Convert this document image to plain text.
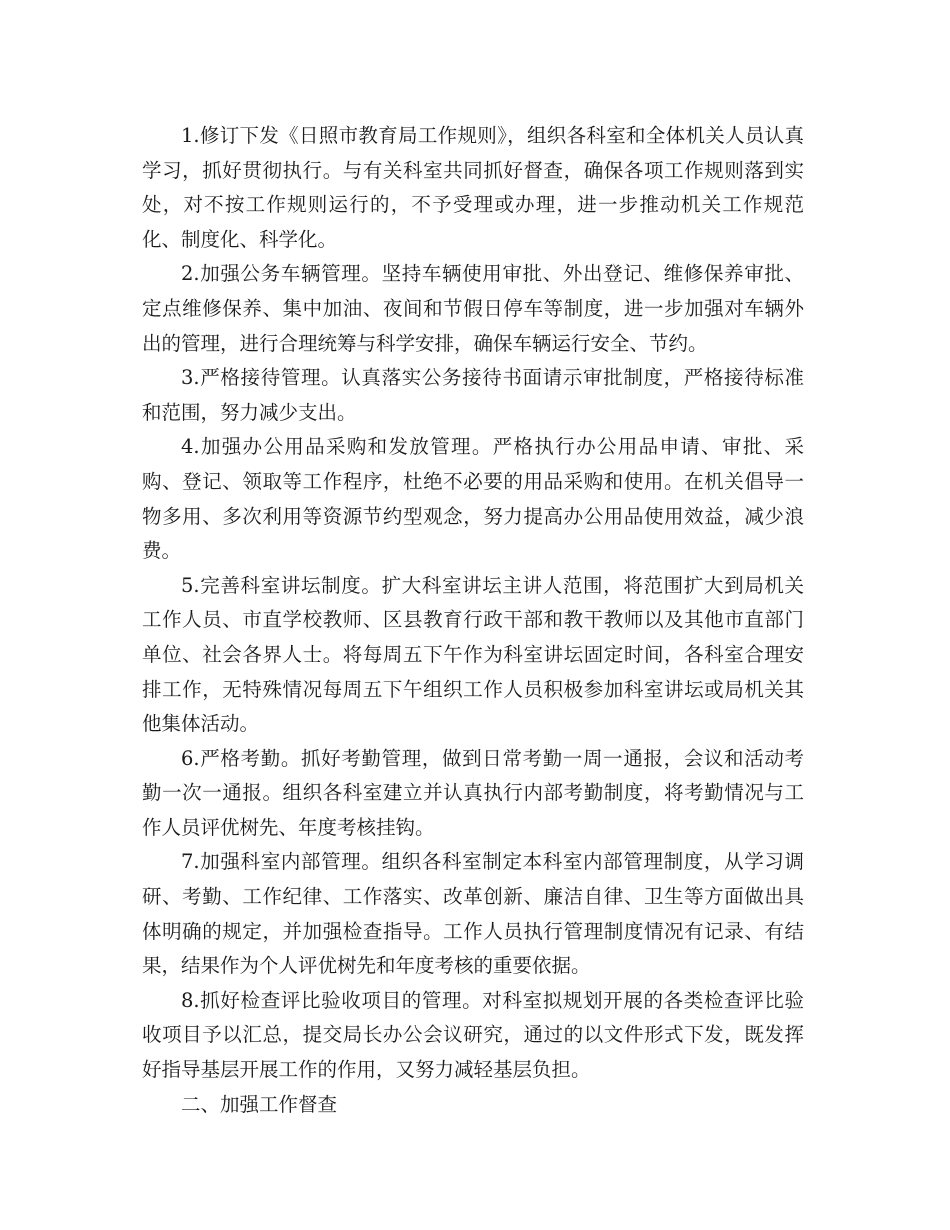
1.修订下发《日照市教育局工作规则》，组织各科室和全体机关人员认真学习，抓好贯彻执行。与有关科室共同抓好督查，确保各项工作规则落到实处，对不按工作规则运行的，不予受理或办理，进一步推动机关工作规范化、制度化、科学化。

2.加强公务车辆管理。坚持车辆使用审批、外出登记、维修保养审批、定点维修保养、集中加油、夜间和节假日停车等制度，进一步加强对车辆外出的管理，进行合理统筹与科学安排，确保车辆运行安全、节约。

3.严格接待管理。认真落实公务接待书面请示审批制度，严格接待标准和范围，努力减少支出。

4.加强办公用品采购和发放管理。严格执行办公用品申请、审批、采购、登记、领取等工作程序，杜绝不必要的用品采购和使用。在机关倡导一物多用、多次利用等资源节约型观念，努力提高办公用品使用效益，减少浪费。

5.完善科室讲坛制度。扩大科室讲坛主讲人范围，将范围扩大到局机关工作人员、市直学校教师、区县教育行政干部和教干教师以及其他市直部门单位、社会各界人士。将每周五下午作为科室讲坛固定时间，各科室合理安排工作，无特殊情况每周五下午组织工作人员积极参加科室讲坛或局机关其他集体活动。

6.严格考勤。抓好考勤管理，做到日常考勤一周一通报，会议和活动考勤一次一通报。组织各科室建立并认真执行内部考勤制度，将考勤情况与工作人员评优树先、年度考核挂钩。

7.加强科室内部管理。组织各科室制定本科室内部管理制度，从学习调研、考勤、工作纪律、工作落实、改革创新、廉洁自律、卫生等方面做出具体明确的规定，并加强检查指导。工作人员执行管理制度情况有记录、有结果，结果作为个人评优树先和年度考核的重要依据。

8.抓好检查评比验收项目的管理。对科室拟规划开展的各类检查评比验收项目予以汇总，提交局长办公会议研究，通过的以文件形式下发，既发挥好指导基层开展工作的作用，又努力减轻基层负担。

二、加强工作督查
